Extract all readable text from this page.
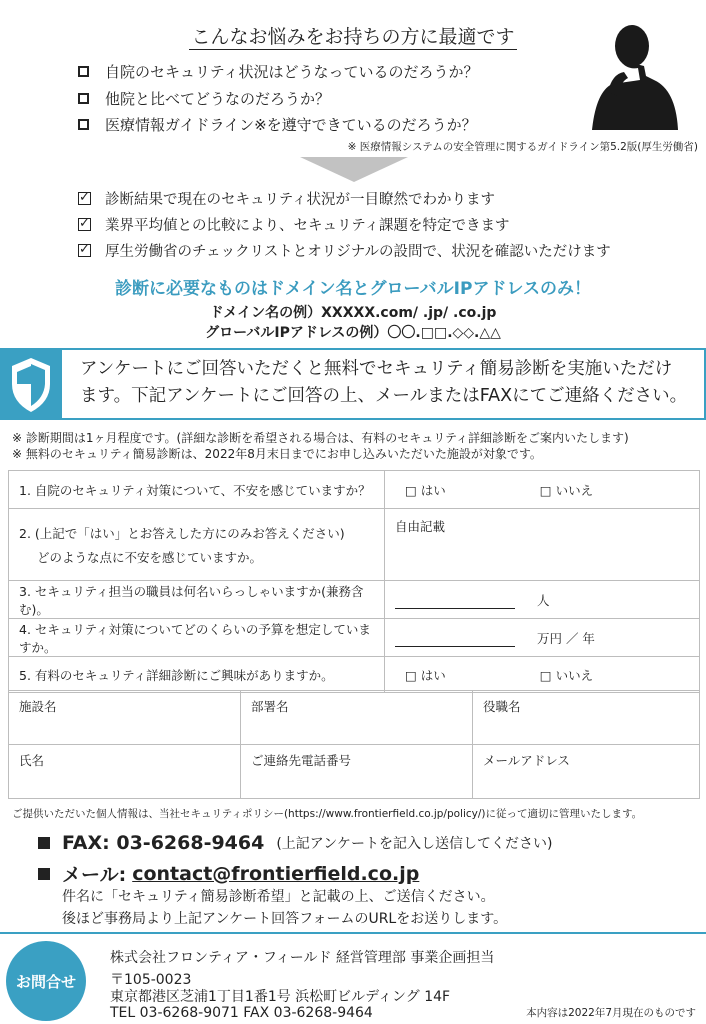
こんなお悩みをお持ちの方に最適です
自院のセキュリティ状況はどうなっているのだろうか？
他院と比べてどうなのだろうか？
医療情報ガイドライン※を遵守できているのだろうか？
※ 医療情報システムの安全管理に関するガイドライン第5.2版(厚生労働省)
✓ 診断結果で現在のセキュリティ状況が一目瞭然でわかります
✓ 業界平均値との比較により、セキュリティ課題を特定できます
✓ 厚生労働省のチェックリストとオリジナルの設問で、状況を確認いただけます
診断に必要なものはドメイン名とグローバルIPアドレスのみ！
ドメイン名の例）XXXXX.com/ .jp/ .co.jp
グローバルIPアドレスの例）〇〇.□□.◇◇.△△
アンケートにご回答いただくと無料でセキュリティ簡易診断を実施いただけ
ます。下記アンケートにご回答の上、メールまたはFAXにてご連絡ください。
※ 診断期間は1ヶ月程度です。(詳細な診断を希望される場合は、有料のセキュリティ詳細診断をご案内いたします)
※ 無料のセキュリティ簡易診断は、2022年8月末日までにお申し込みいただいた施設が対象です。
1. 自院のセキュリティ対策について、不安を感じていますか？	□ はい □ いいえ

2. (上記で「はい」とお答えした方にのみお答えください)
どのような点に不安を感じていますか。	自由記載
3. セキュリティ担当の職員は何名いらっしゃいますか(兼務含む)。	人
4. セキュリティ対策についてどのくらいの予算を想定していますか。	万円 ／ 年
5. 有料のセキュリティ詳細診断にご興味がありますか。	□ はい □ いいえ
施設名	部署名	役職名
氏名	ご連絡先電話番号	メールアドレス
ご提供いただいた個人情報は、当社セキュリティポリシー(https://www.frontierfield.co.jp/policy/)に従って適切に管理いたします。
FAX: 03-6268-9464 (上記アンケートを記入し送信してください)
メール: contact@frontierfield.co.jp
件名に「セキュリティ簡易診断希望」と記載の上、ご送信ください。
後ほど事務局より上記アンケート回答フォームのURLをお送りします。
お問合せ
株式会社フロンティア・フィールド 経営管理部 事業企画担当
〒105-0023
東京都港区芝浦1丁目1番1号 浜松町ビルディング 14F
TEL 03-6268-9071 FAX 03-6268-9464	本内容は2022年7月現在のものです
